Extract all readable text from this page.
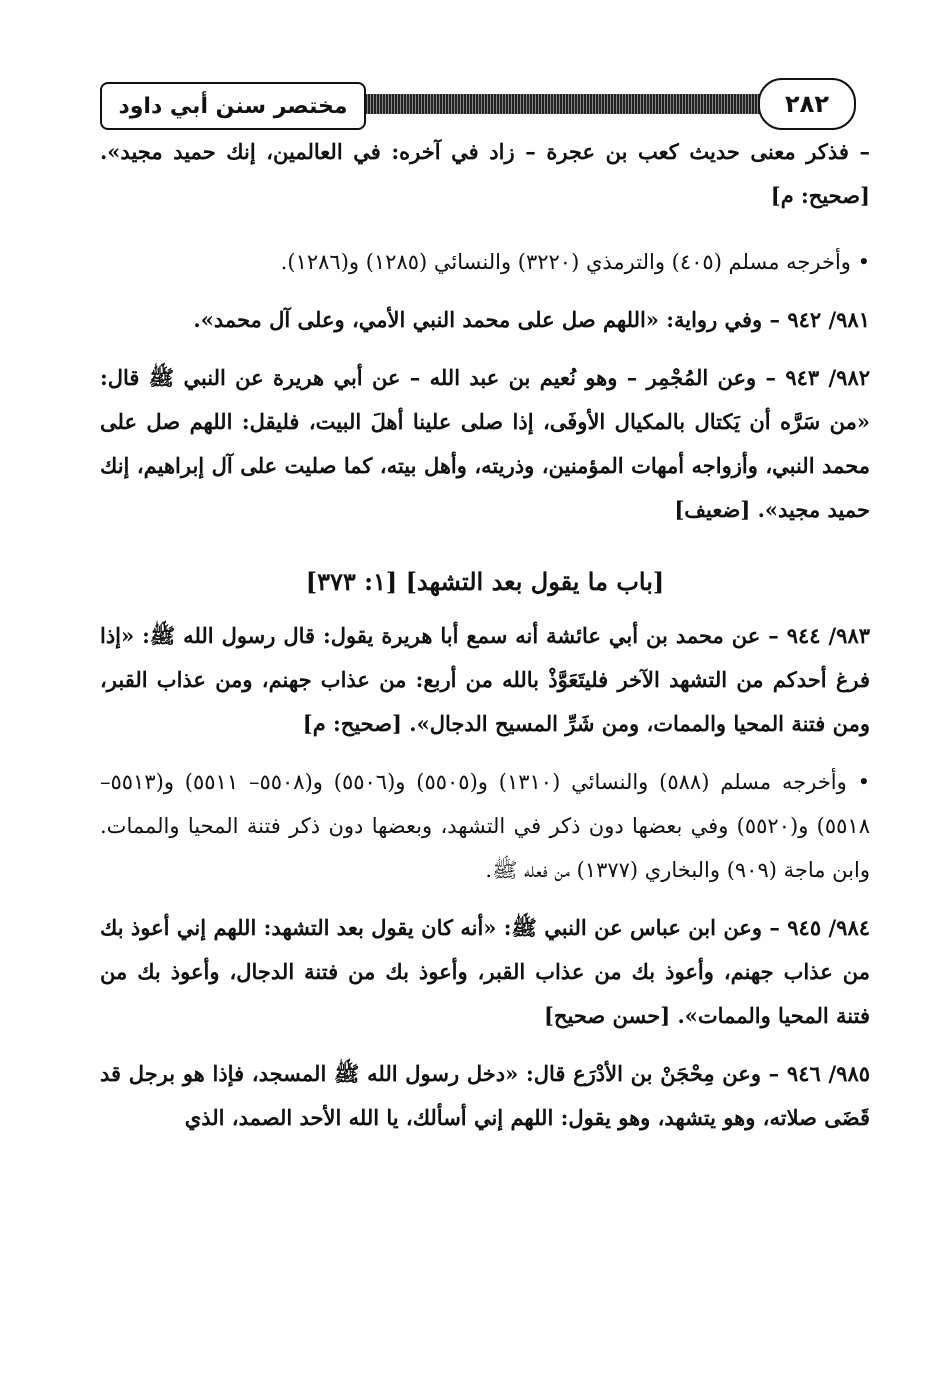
مختصر سنن أبي داود	٢٨٢

– فذكر معنى حديث كعب بن عجرة – زاد في آخره: في العالمين، إنك حميد مجيد». [صحيح: م]

• وأخرجه مسلم (٤٠٥) والترمذي (٣٢٢٠) والنسائي (١٢٨٥) و(١٢٨٦).

٩٨١/ ٩٤٢ – وفي رواية: «اللهم صل على محمد النبي الأمي، وعلى آل محمد».

٩٨٢/ ٩٤٣ – وعن المُجْمِر – وهو نُعيم بن عبد الله – عن أبي هريرة عن النبي ﷺ قال: «من سَرَّه أن يَكتال بالمكيال الأوفَى، إذا صلى علينا أهلَ البيت، فليقل: اللهم صل على محمد النبي، وأزواجه أمهات المؤمنين، وذريته، وأهل بيته، كما صليت على آل إبراهيم، إنك حميد مجيد». [ضعيف]

[باب ما يقول بعد التشهد] [١: ٣٧٣]

٩٨٣/ ٩٤٤ – عن محمد بن أبي عائشة أنه سمع أبا هريرة يقول: قال رسول الله ﷺ: «إذا فرغ أحدكم من التشهد الآخر فليتَعَوَّذْ بالله من أربع: من عذاب جهنم، ومن عذاب القبر، ومن فتنة المحيا والممات، ومن شَرِّ المسيح الدجال». [صحيح: م]

• وأخرجه مسلم (٥٨٨) والنسائي (١٣١٠) و(٥٥٠٥) و(٥٥٠٦) و(٥٥٠٨– ٥٥١١) و(٥٥١٣– ٥٥١٨) و(٥٥٢٠) وفي بعضها دون ذكر في التشهد، وبعضها دون ذكر فتنة المحيا والممات. وابن ماجة (٩٠٩) والبخاري (١٣٧٧) من فعله ﷺ.

٩٨٤/ ٩٤٥ – وعن ابن عباس عن النبي ﷺ: «أنه كان يقول بعد التشهد: اللهم إني أعوذ بك من عذاب جهنم، وأعوذ بك من عذاب القبر، وأعوذ بك من فتنة الدجال، وأعوذ بك من فتنة المحيا والممات». [حسن صحيح]

٩٨٥/ ٩٤٦ – وعن مِحْجَنْ بن الأدْرَع قال: «دخل رسول الله ﷺ المسجد، فإذا هو برجل قد قَضَى صلاته، وهو يتشهد، وهو يقول: اللهم إني أسألك، يا الله الأحد الصمد، الذي
